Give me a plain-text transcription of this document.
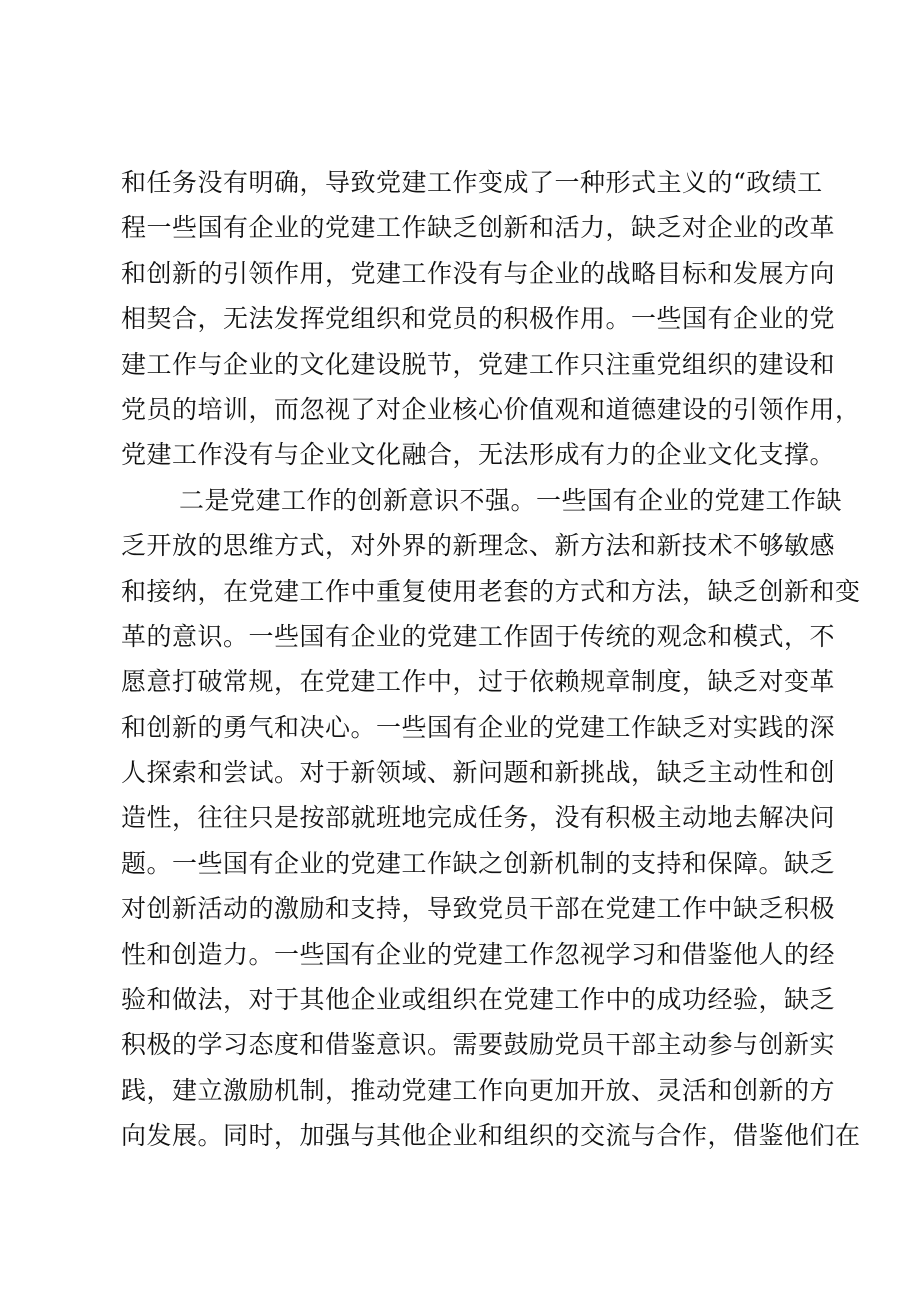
和任务没有明确，导致党建工作变成了一种形式主义的“政绩工
程一些国有企业的党建工作缺乏创新和活力，缺乏对企业的改革
和创新的引领作用，党建工作没有与企业的战略目标和发展方向
相契合，无法发挥党组织和党员的积极作用。一些国有企业的党
建工作与企业的文化建设脱节，党建工作只注重党组织的建设和
党员的培训，而忽视了对企业核心价值观和道德建设的引领作用，
党建工作没有与企业文化融合，无法形成有力的企业文化支撑。
二是党建工作的创新意识不强。一些国有企业的党建工作缺
乏开放的思维方式，对外界的新理念、新方法和新技术不够敏感
和接纳，在党建工作中重复使用老套的方式和方法，缺乏创新和变
革的意识。一些国有企业的党建工作固于传统的观念和模式，不
愿意打破常规，在党建工作中，过于依赖规章制度，缺乏对变革
和创新的勇气和决心。一些国有企业的党建工作缺乏对实践的深
人探索和尝试。对于新领域、新问题和新挑战，缺乏主动性和创
造性，往往只是按部就班地完成任务，没有积极主动地去解决问
题。一些国有企业的党建工作缺之创新机制的支持和保障。缺乏
对创新活动的激励和支持，导致党员干部在党建工作中缺乏积极
性和创造力。一些国有企业的党建工作忽视学习和借鉴他人的经
验和做法，对于其他企业或组织在党建工作中的成功经验，缺乏
积极的学习态度和借鉴意识。需要鼓励党员干部主动参与创新实
践，建立激励机制，推动党建工作向更加开放、灵活和创新的方
向发展。同时，加强与其他企业和组织的交流与合作，借鉴他们在
